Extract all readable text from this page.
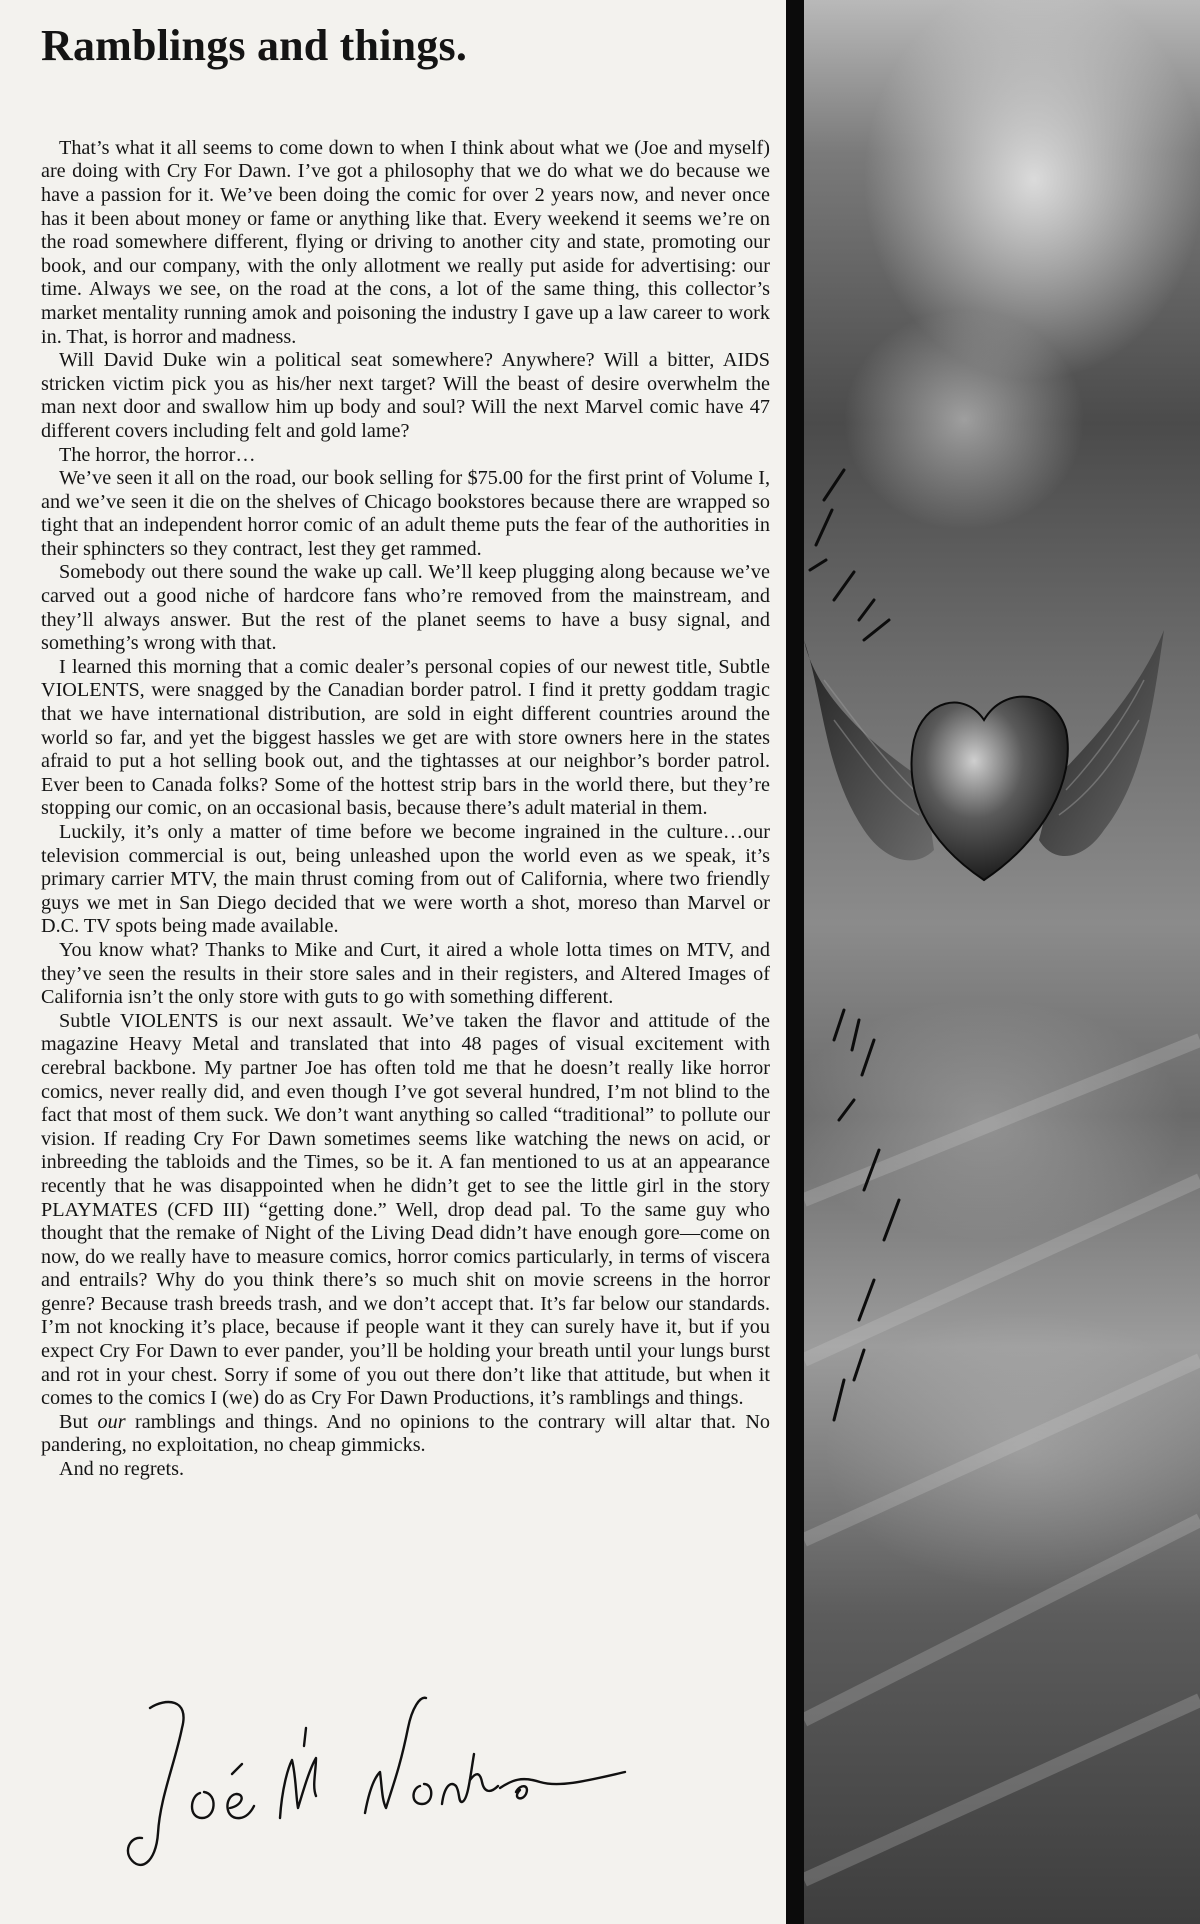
Ramblings and things.

That’s what it all seems to come down to when I think about what we (Joe and myself) are doing with Cry For Dawn. I’ve got a philosophy that we do what we do because we have a passion for it. We’ve been doing the comic for over 2 years now, and never once has it been about money or fame or anything like that. Every weekend it seems we’re on the road somewhere different, flying or driving to another city and state, promoting our book, and our company, with the only allotment we really put aside for advertising: our time. Always we see, on the road at the cons, a lot of the same thing, this collector’s market mentality running amok and poisoning the industry I gave up a law career to work in. That, is horror and madness.

Will David Duke win a political seat somewhere? Anywhere? Will a bitter, AIDS stricken victim pick you as his/her next target? Will the beast of desire overwhelm the man next door and swallow him up body and soul? Will the next Marvel comic have 47 different covers including felt and gold lame?

The horror, the horror…

We’ve seen it all on the road, our book selling for $75.00 for the first print of Volume I, and we’ve seen it die on the shelves of Chicago bookstores because there are wrapped so tight that an independent horror comic of an adult theme puts the fear of the authorities in their sphincters so they contract, lest they get rammed.

Somebody out there sound the wake up call. We’ll keep plugging along because we’ve carved out a good niche of hardcore fans who’re removed from the mainstream, and they’ll always answer. But the rest of the planet seems to have a busy signal, and something’s wrong with that.

I learned this morning that a comic dealer’s personal copies of our newest title, Subtle VIOLENTS, were snagged by the Canadian border patrol. I find it pretty goddam tragic that we have international distribution, are sold in eight different countries around the world so far, and yet the biggest hassles we get are with store owners here in the states afraid to put a hot selling book out, and the tightasses at our neighbor’s border patrol. Ever been to Canada folks? Some of the hottest strip bars in the world there, but they’re stopping our comic, on an occasional basis, because there’s adult material in them.

Luckily, it’s only a matter of time before we become ingrained in the culture…our television commercial is out, being unleashed upon the world even as we speak, it’s primary carrier MTV, the main thrust coming from out of California, where two friendly guys we met in San Diego decided that we were worth a shot, moreso than Marvel or D.C. TV spots being made available.

You know what? Thanks to Mike and Curt, it aired a whole lotta times on MTV, and they’ve seen the results in their store sales and in their registers, and Altered Images of California isn’t the only store with guts to go with something different.

Subtle VIOLENTS is our next assault. We’ve taken the flavor and attitude of the magazine Heavy Metal and translated that into 48 pages of visual excitement with cerebral backbone. My partner Joe has often told me that he doesn’t really like horror comics, never really did, and even though I’ve got several hundred, I’m not blind to the fact that most of them suck. We don’t want anything so called “traditional” to pollute our vision. If reading Cry For Dawn sometimes seems like watching the news on acid, or inbreeding the tabloids and the Times, so be it. A fan mentioned to us at an appearance recently that he was disappointed when he didn’t get to see the little girl in the story PLAYMATES (CFD III) “getting done.” Well, drop dead pal. To the same guy who thought that the remake of Night of the Living Dead didn’t have enough gore—come on now, do we really have to measure comics, horror comics particularly, in terms of viscera and entrails? Why do you think there’s so much shit on movie screens in the horror genre? Because trash breeds trash, and we don’t accept that. It’s far below our standards. I’m not knocking it’s place, because if people want it they can surely have it, but if you expect Cry For Dawn to ever pander, you’ll be holding your breath until your lungs burst and rot in your chest. Sorry if some of you out there don’t like that attitude, but when it comes to the comics I (we) do as Cry For Dawn Productions, it’s ramblings and things.

But our ramblings and things. And no opinions to the contrary will altar that. No pandering, no exploitation, no cheap gimmicks.

And no regrets.
